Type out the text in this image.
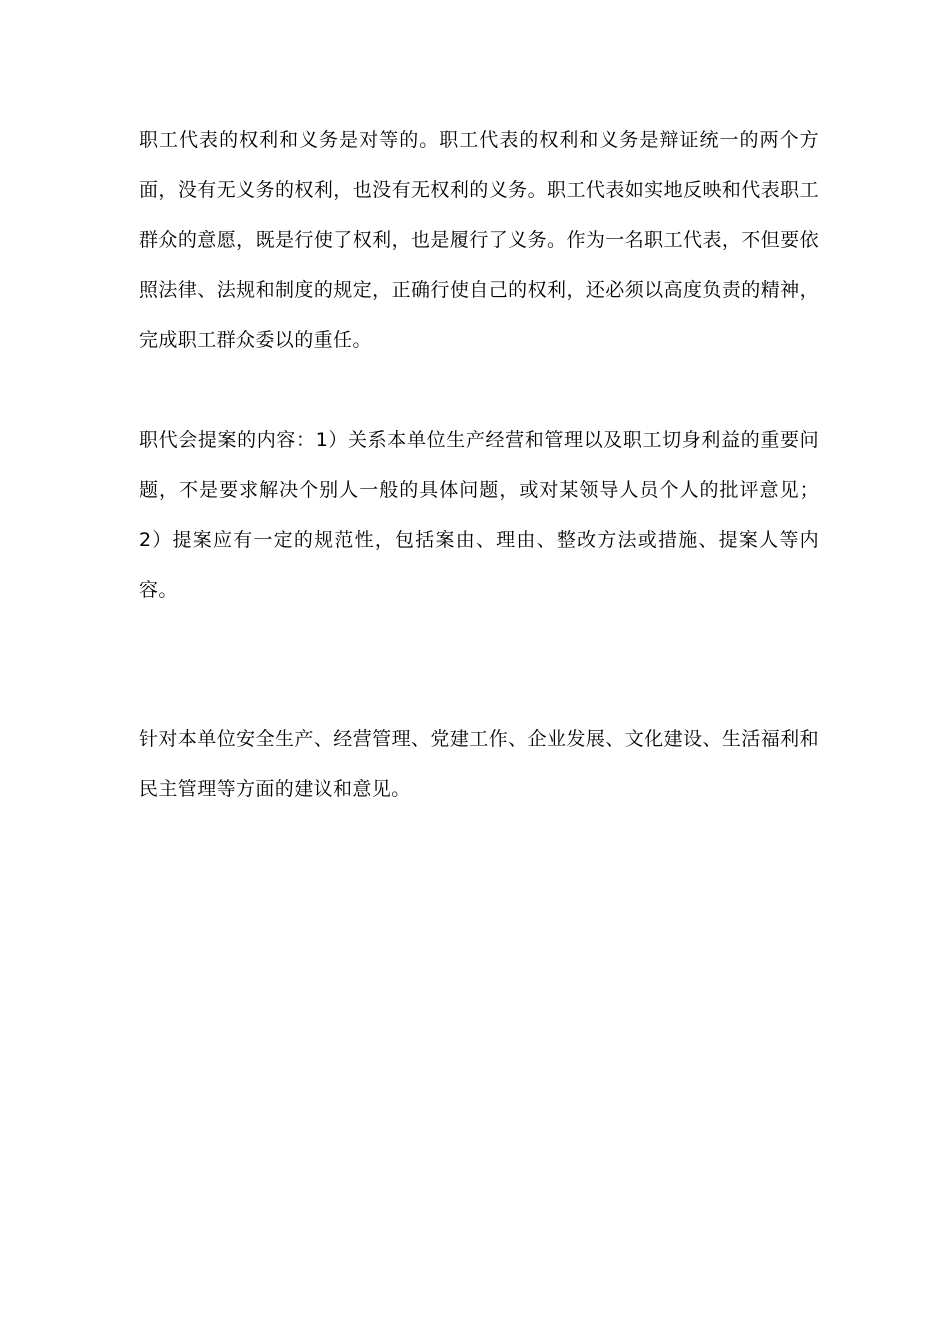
职工代表的权利和义务是对等的。职工代表的权利和义务是辩证统一的两个方面，没有无义务的权利，也没有无权利的义务。职工代表如实地反映和代表职工群众的意愿，既是行使了权利，也是履行了义务。作为一名职工代表，不但要依照法律、法规和制度的规定，正确行使自己的权利，还必须以高度负责的精神，完成职工群众委以的重任。

职代会提案的内容：1）关系本单位生产经营和管理以及职工切身利益的重要问题，不是要求解决个别人一般的具体问题，或对某领导人员个人的批评意见；2）提案应有一定的规范性，包括案由、理由、整改方法或措施、提案人等内容。

针对本单位安全生产、经营管理、党建工作、企业发展、文化建设、生活福利和民主管理等方面的建议和意见。
